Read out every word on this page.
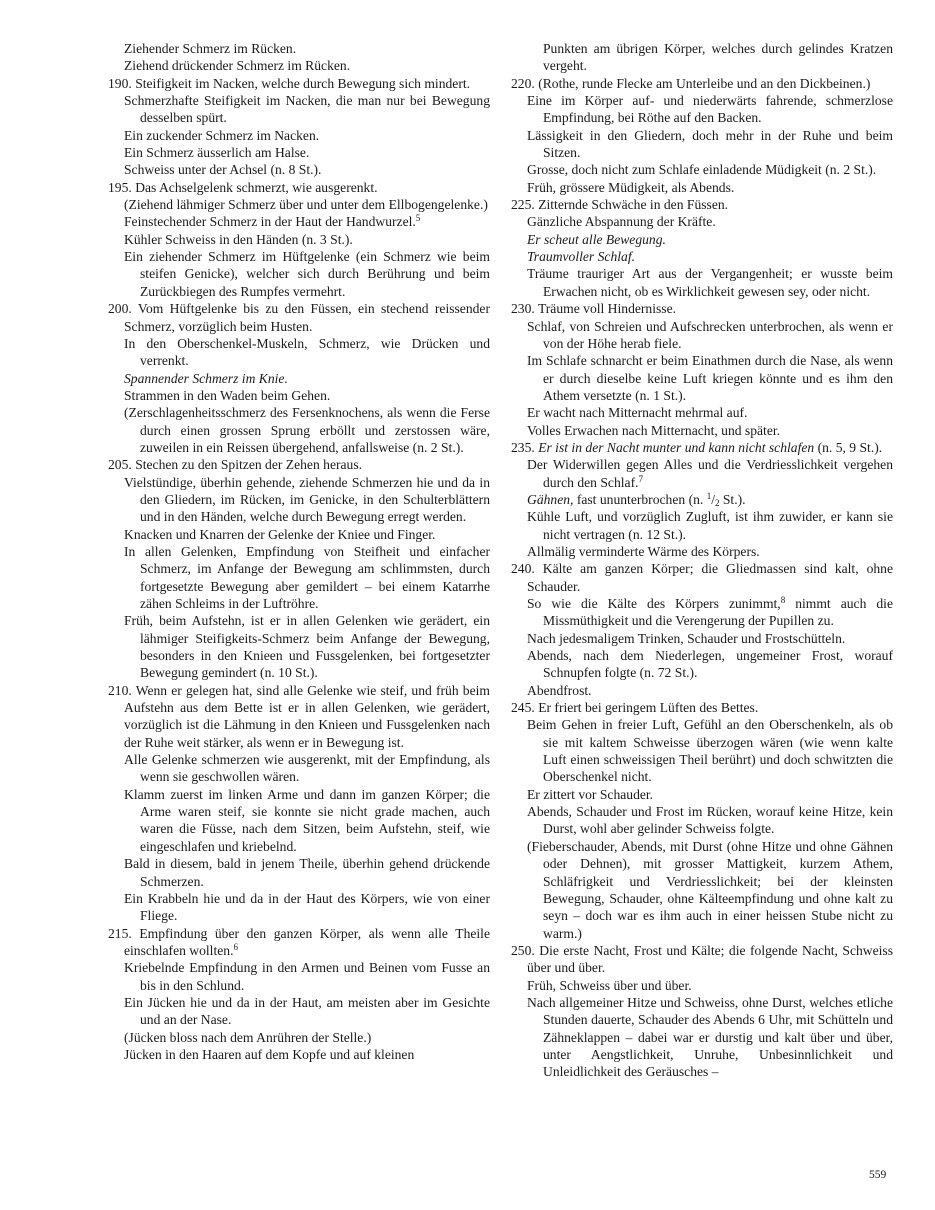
Ziehender Schmerz im Rücken.

Ziehend drückender Schmerz im Rücken.

190. Steifigkeit im Nacken, welche durch Bewegung sich mindert.

Schmerzhafte Steifigkeit im Nacken, die man nur bei Bewegung desselben spürt.

Ein zuckender Schmerz im Nacken.

Ein Schmerz äusserlich am Halse.

Schweiss unter der Achsel (n. 8 St.).

195. Das Achselgelenk schmerzt, wie ausgerenkt.

(Ziehend lähmiger Schmerz über und unter dem Ellbogengelenke.)

Feinstechender Schmerz in der Haut der Handwurzel.$^5$

Kühler Schweiss in den Händen (n. 3 St.).

Ein ziehender Schmerz im Hüftgelenke (ein Schmerz wie beim steifen Genicke), welcher sich durch Berührung und beim Zurückbiegen des Rumpfes vermehrt.

200. Vom Hüftgelenke bis zu den Füssen, ein stechend reissender Schmerz, vorzüglich beim Husten.

In den Oberschenkel-Muskeln, Schmerz, wie Drücken und verrenkt.

Spannender Schmerz im Knie.

Strammen in den Waden beim Gehen.

(Zerschlagenheitsschmerz des Fersenknochens, als wenn die Ferse durch einen grossen Sprung erböllt und zerstossen wäre, zuweilen in ein Reissen übergehend, anfallsweise (n. 2 St.).

205. Stechen zu den Spitzen der Zehen heraus.

Vielstündige, überhin gehende, ziehende Schmerzen hie und da in den Gliedern, im Rücken, im Genicke, in den Schulterblättern und in den Händen, welche durch Bewegung erregt werden.

Knacken und Knarren der Gelenke der Kniee und Finger.

In allen Gelenken, Empfindung von Steifheit und einfacher Schmerz, im Anfange der Bewegung am schlimmsten, durch fortgesetzte Bewegung aber gemildert – bei einem Katarrhe zähen Schleims in der Luftröhre.

Früh, beim Aufstehn, ist er in allen Gelenken wie gerädert, ein lähmiger Steifigkeits-Schmerz beim Anfange der Bewegung, besonders in den Knieen und Fussgelenken, bei fortgesetzter Bewegung gemindert (n. 10 St.).

210. Wenn er gelegen hat, sind alle Gelenke wie steif, und früh beim Aufstehn aus dem Bette ist er in allen Gelenken, wie gerädert, vorzüglich ist die Lähmung in den Knieen und Fussgelenken nach der Ruhe weit stärker, als wenn er in Bewegung ist.

Alle Gelenke schmerzen wie ausgerenkt, mit der Empfindung, als wenn sie geschwollen wären.

Klamm zuerst im linken Arme und dann im ganzen Körper; die Arme waren steif, sie konnte sie nicht grade machen, auch waren die Füsse, nach dem Sitzen, beim Aufstehn, steif, wie eingeschlafen und kriebelnd.

Bald in diesem, bald in jenem Theile, überhin gehend drückende Schmerzen.

Ein Krabbeln hie und da in der Haut des Körpers, wie von einer Fliege.

215. Empfindung über den ganzen Körper, als wenn alle Theile einschlafen wollten.$^6$

Kriebelnde Empfindung in den Armen und Beinen vom Fusse an bis in den Schlund.

Ein Jücken hie und da in der Haut, am meisten aber im Gesichte und an der Nase.

(Jücken bloss nach dem Anrühren der Stelle.)

Jücken in den Haaren auf dem Kopfe und auf kleinen

Punkten am übrigen Körper, welches durch gelindes Kratzen vergeht.

220. (Rothe, runde Flecke am Unterleibe und an den Dickbeinen.)

Eine im Körper auf- und niederwärts fahrende, schmerzlose Empfindung, bei Röthe auf den Backen.

Lässigkeit in den Gliedern, doch mehr in der Ruhe und beim Sitzen.

Grosse, doch nicht zum Schlafe einladende Müdigkeit (n. 2 St.).

Früh, grössere Müdigkeit, als Abends.

225. Zitternde Schwäche in den Füssen.

Gänzliche Abspannung der Kräfte.

Er scheut alle Bewegung.

Traumvoller Schlaf.

Träume trauriger Art aus der Vergangenheit; er wusste beim Erwachen nicht, ob es Wirklichkeit gewesen sey, oder nicht.

230. Träume voll Hindernisse.

Schlaf, von Schreien und Aufschrecken unterbrochen, als wenn er von der Höhe herab fiele.

Im Schlafe schnarcht er beim Einathmen durch die Nase, als wenn er durch dieselbe keine Luft kriegen könnte und es ihm den Athem versetzte (n. 1 St.).

Er wacht nach Mitternacht mehrmal auf.

Volles Erwachen nach Mitternacht, und später.

235. Er ist in der Nacht munter und kann nicht schlafen (n. 5, 9 St.).

Der Widerwillen gegen Alles und die Verdriesslichkeit vergehen durch den Schlaf.$^7$

Gähnen, fast ununterbrochen (n. $^1/_2$ St.).

Kühle Luft, und vorzüglich Zugluft, ist ihm zuwider, er kann sie nicht vertragen (n. 12 St.).

Allmälig verminderte Wärme des Körpers.

240. Kälte am ganzen Körper; die Gliedmassen sind kalt, ohne Schauder.

So wie die Kälte des Körpers zunimmt,$^8$ nimmt auch die Missmüthigkeit und die Verengerung der Pupillen zu.

Nach jedesmaligem Trinken, Schauder und Frostschütteln.

Abends, nach dem Niederlegen, ungemeiner Frost, worauf Schnupfen folgte (n. 72 St.).

Abendfrost.

245. Er friert bei geringem Lüften des Bettes.

Beim Gehen in freier Luft, Gefühl an den Oberschenkeln, als ob sie mit kaltem Schweisse überzogen wären (wie wenn kalte Luft einen schweissigen Theil berührt) und doch schwitzten die Oberschenkel nicht.

Er zittert vor Schauder.

Abends, Schauder und Frost im Rücken, worauf keine Hitze, kein Durst, wohl aber gelinder Schweiss folgte.

(Fieberschauder, Abends, mit Durst (ohne Hitze und ohne Gähnen oder Dehnen), mit grosser Mattigkeit, kurzem Athem, Schläfrigkeit und Verdriesslichkeit; bei der kleinsten Bewegung, Schauder, ohne Kälteempfindung und ohne kalt zu seyn – doch war es ihm auch in einer heissen Stube nicht zu warm.)

250. Die erste Nacht, Frost und Kälte; die folgende Nacht, Schweiss über und über.

Früh, Schweiss über und über.

Nach allgemeiner Hitze und Schweiss, ohne Durst, welches etliche Stunden dauerte, Schauder des Abends 6 Uhr, mit Schütteln und Zähneklappen – dabei war er durstig und kalt über und über, unter Aengstlichkeit, Unruhe, Unbesinnlichkeit und Unleidlichkeit des Geräusches –

559
